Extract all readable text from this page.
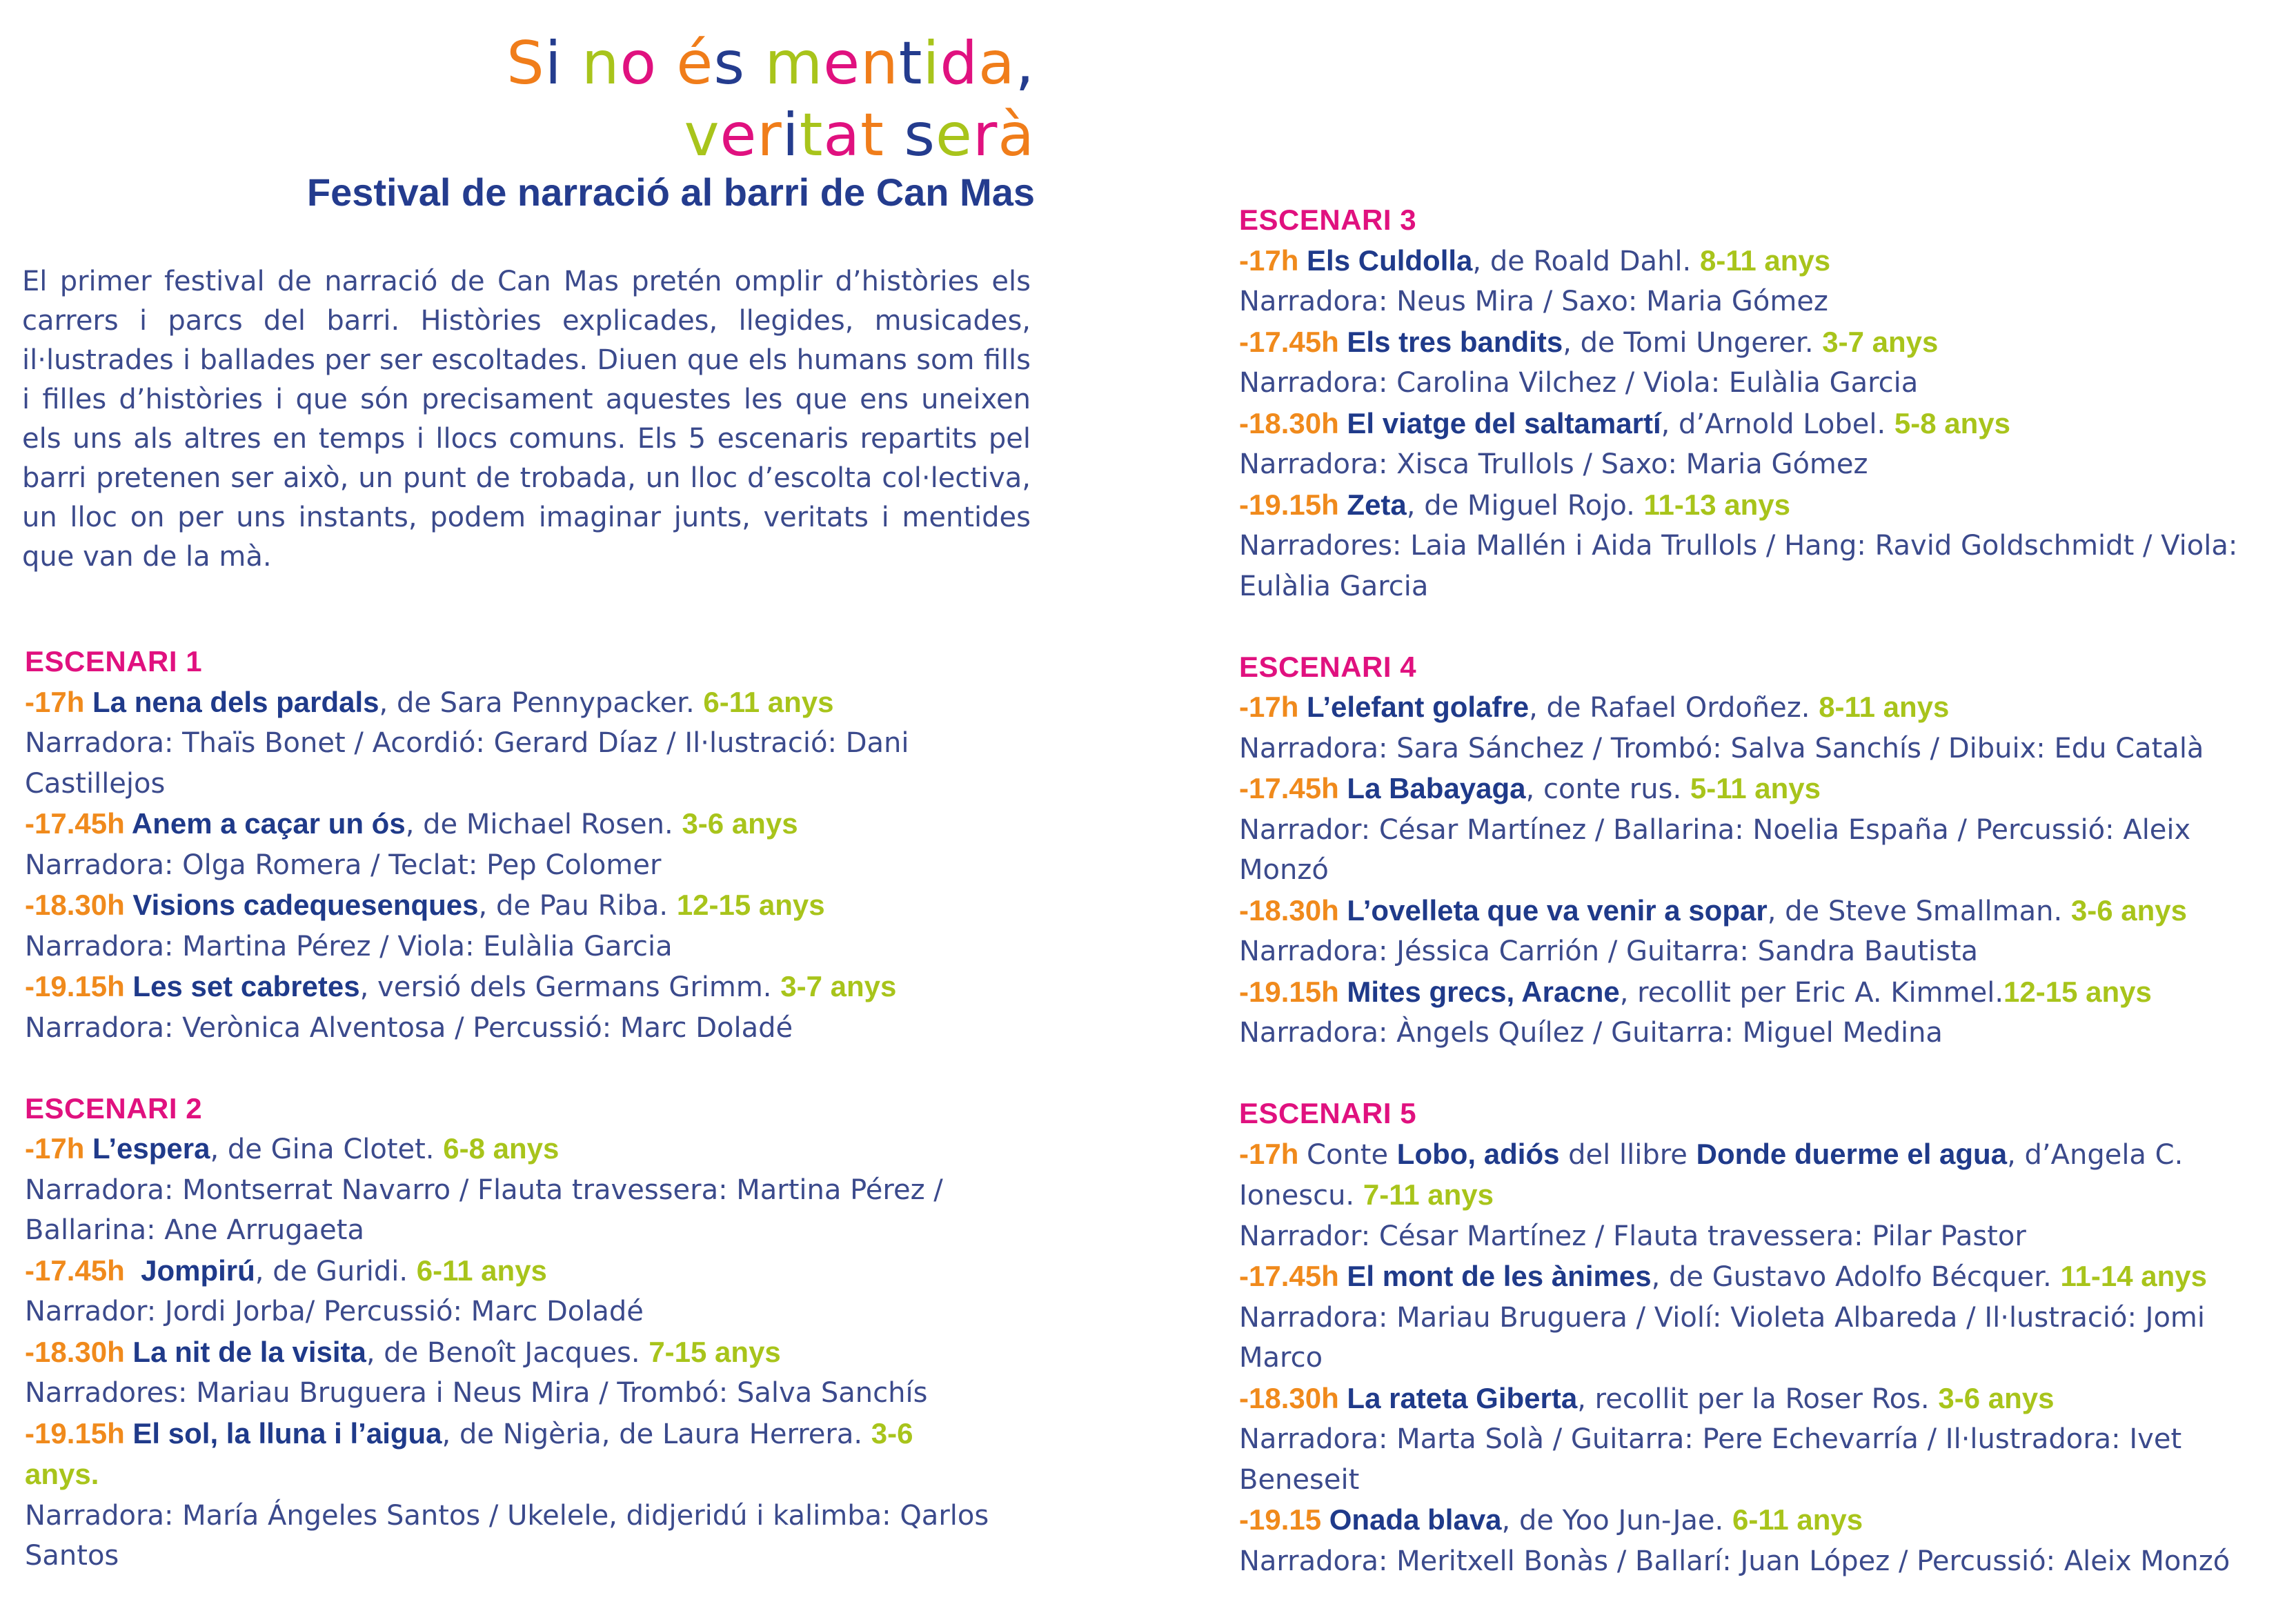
Si no és mentida,
veritat serà
Festival de narració al barri de Can Mas

El primer festival de narració de Can Mas pretén omplir d’històries els carrers i parcs del barri. Històries explicades, llegides, musicades, il·lustrades i ballades per ser escoltades. Diuen que els humans som fills i filles d’històries i que són precisament aquestes les que ens uneixen els uns als altres en temps i llocs comuns. Els 5 escenaris repartits pel barri pretenen ser això, un punt de trobada, un lloc d’escolta col·lectiva, un lloc on per uns instants, podem imaginar junts, veritats i mentides que van de la mà.

ESCENARI 1
-17h La nena dels pardals, de Sara Pennypacker. 6-11 anys
Narradora: Thaïs Bonet / Acordió: Gerard Díaz / Il·lustració: Dani Castillejos
-17.45h Anem a caçar un ós, de Michael Rosen. 3-6 anys
Narradora: Olga Romera / Teclat: Pep Colomer
-18.30h Visions cadequesenques, de Pau Riba. 12-15 anys
Narradora: Martina Pérez / Viola: Eulàlia Garcia
-19.15h Les set cabretes, versió dels Germans Grimm. 3-7 anys
Narradora: Verònica Alventosa / Percussió: Marc Doladé
ESCENARI 2
-17h L’espera, de Gina Clotet. 6-8 anys
Narradora: Montserrat Navarro / Flauta travessera: Martina Pérez / Ballarina: Ane Arrugaeta
-17.45h  Jompirú, de Guridi. 6-11 anys
Narrador: Jordi Jorba/ Percussió: Marc Doladé
-18.30h La nit de la visita, de Benoît Jacques. 7-15 anys
Narradores: Mariau Bruguera i Neus Mira / Trombó: Salva Sanchís
-19.15h El sol, la lluna i l’aigua, de Nigèria, de Laura Herrera. 3-6 anys.
Narradora: María Ángeles Santos / Ukelele, didjeridú i kalimba: Qarlos Santos
ESCENARI 3
-17h Els Culdolla, de Roald Dahl. 8-11 anys
Narradora: Neus Mira / Saxo: Maria Gómez
-17.45h Els tres bandits, de Tomi Ungerer. 3-7 anys
Narradora: Carolina Vilchez / Viola: Eulàlia Garcia
-18.30h El viatge del saltamartí, d’Arnold Lobel. 5-8 anys
Narradora: Xisca Trullols / Saxo: Maria Gómez
-19.15h Zeta, de Miguel Rojo. 11-13 anys
Narradores: Laia Mallén i Aida Trullols / Hang: Ravid Goldschmidt / Viola: Eulàlia Garcia
ESCENARI 4
-17h L’elefant golafre, de Rafael Ordoñez. 8-11 anys
Narradora: Sara Sánchez / Trombó: Salva Sanchís / Dibuix: Edu Català
-17.45h La Babayaga, conte rus. 5-11 anys
Narrador: César Martínez / Ballarina: Noelia España / Percussió: Aleix Monzó
-18.30h L’ovelleta que va venir a sopar, de Steve Smallman. 3-6 anys
Narradora: Jéssica Carrión / Guitarra: Sandra Bautista
-19.15h Mites grecs, Aracne, recollit per Eric A. Kimmel.12-15 anys
Narradora: Àngels Quílez / Guitarra: Miguel Medina
ESCENARI 5
-17h Conte Lobo, adiós del llibre Donde duerme el agua, d’Angela C. Ionescu. 7-11 anys
Narrador: César Martínez / Flauta travessera: Pilar Pastor
-17.45h El mont de les ànimes, de Gustavo Adolfo Bécquer. 11-14 anys
Narradora: Mariau Bruguera / Violí: Violeta Albareda / Il·lustració: Jomi Marco
-18.30h La rateta Giberta, recollit per la Roser Ros. 3-6 anys
Narradora: Marta Solà / Guitarra: Pere Echevarría / Il·lustradora: Ivet Beneseit
-19.15 Onada blava, de Yoo Jun-Jae. 6-11 anys
Narradora: Meritxell Bonàs / Ballarí: Juan López / Percussió: Aleix Monzó
